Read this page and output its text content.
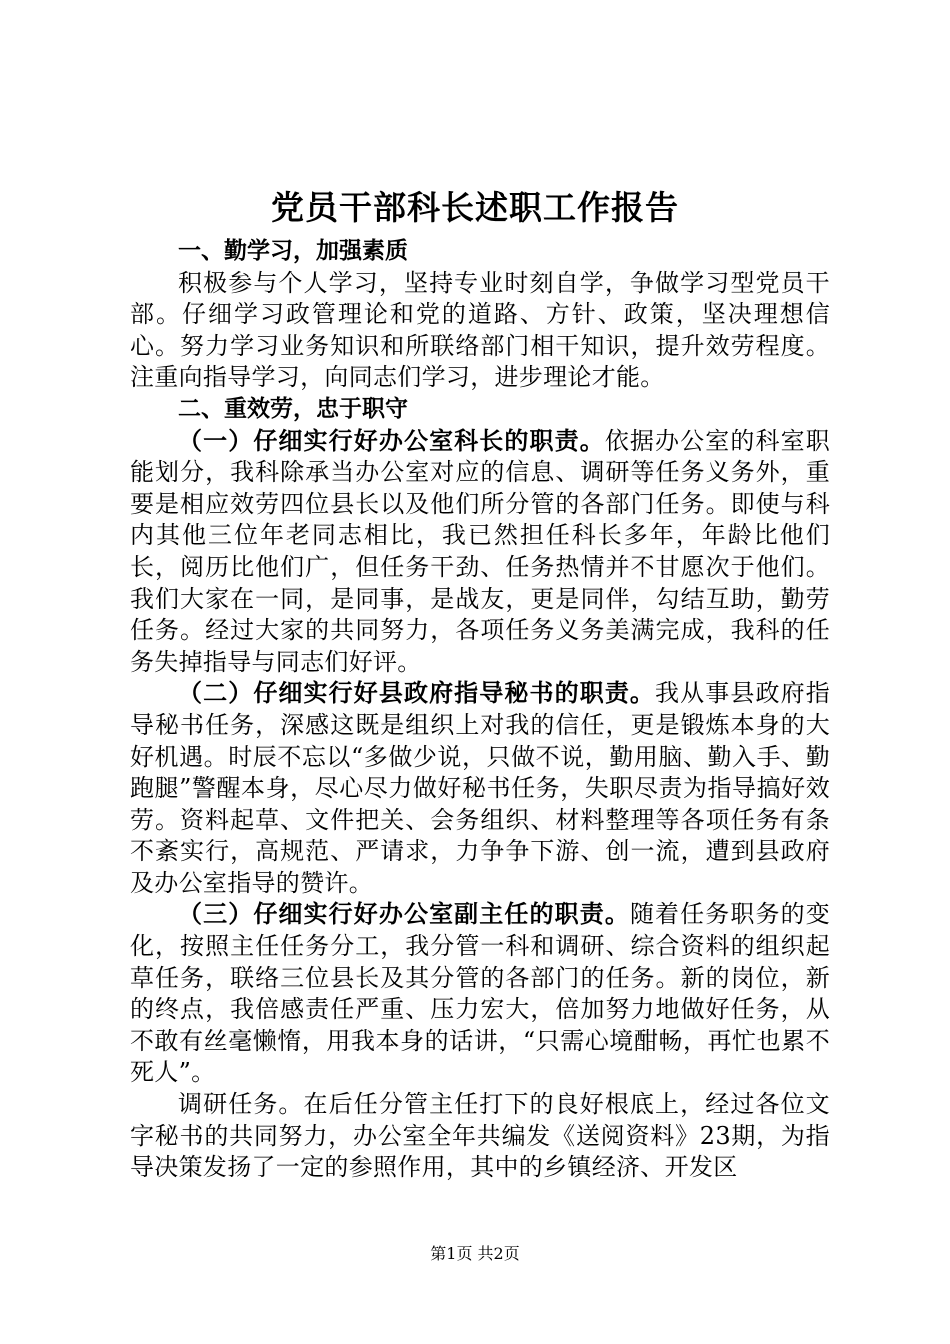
党员干部科长述职工作报告

一、勤学习，加强素质

积极参与个人学习，坚持专业时刻自学，争做学习型党员干部。仔细学习政管理论和党的道路、方针、政策，坚决理想信心。努力学习业务知识和所联络部门相干知识，提升效劳程度。注重向指导学习，向同志们学习，进步理论才能。

二、重效劳，忠于职守

（一）仔细实行好办公室科长的职责。依据办公室的科室职能划分，我科除承当办公室对应的信息、调研等任务义务外，重要是相应效劳四位县长以及他们所分管的各部门任务。即使与科内其他三位年老同志相比，我已然担任科长多年，年龄比他们长，阅历比他们广，但任务干劲、任务热情并不甘愿次于他们。我们大家在一同，是同事，是战友，更是同伴，勾结互助，勤劳任务。经过大家的共同努力，各项任务义务美满完成，我科的任务失掉指导与同志们好评。

（二）仔细实行好县政府指导秘书的职责。我从事县政府指导秘书任务，深感这既是组织上对我的信任，更是锻炼本身的大好机遇。时辰不忘以“多做少说，只做不说，勤用脑、勤入手、勤跑腿”警醒本身，尽心尽力做好秘书任务，失职尽责为指导搞好效劳。资料起草、文件把关、会务组织、材料整理等各项任务有条不紊实行，高规范、严请求，力争争下游、创一流，遭到县政府及办公室指导的赞许。

（三）仔细实行好办公室副主任的职责。随着任务职务的变化，按照主任任务分工，我分管一科和调研、综合资料的组织起草任务，联络三位县长及其分管的各部门的任务。新的岗位，新的终点，我倍感责任严重、压力宏大，倍加努力地做好任务，从不敢有丝毫懒惰，用我本身的话讲，“只需心境酣畅，再忙也累不死人”。

调研任务。在后任分管主任打下的良好根底上，经过各位文字秘书的共同努力，办公室全年共编发《送阅资料》23期，为指导决策发扬了一定的参照作用，其中的乡镇经济、开发区

第1页 共2页
